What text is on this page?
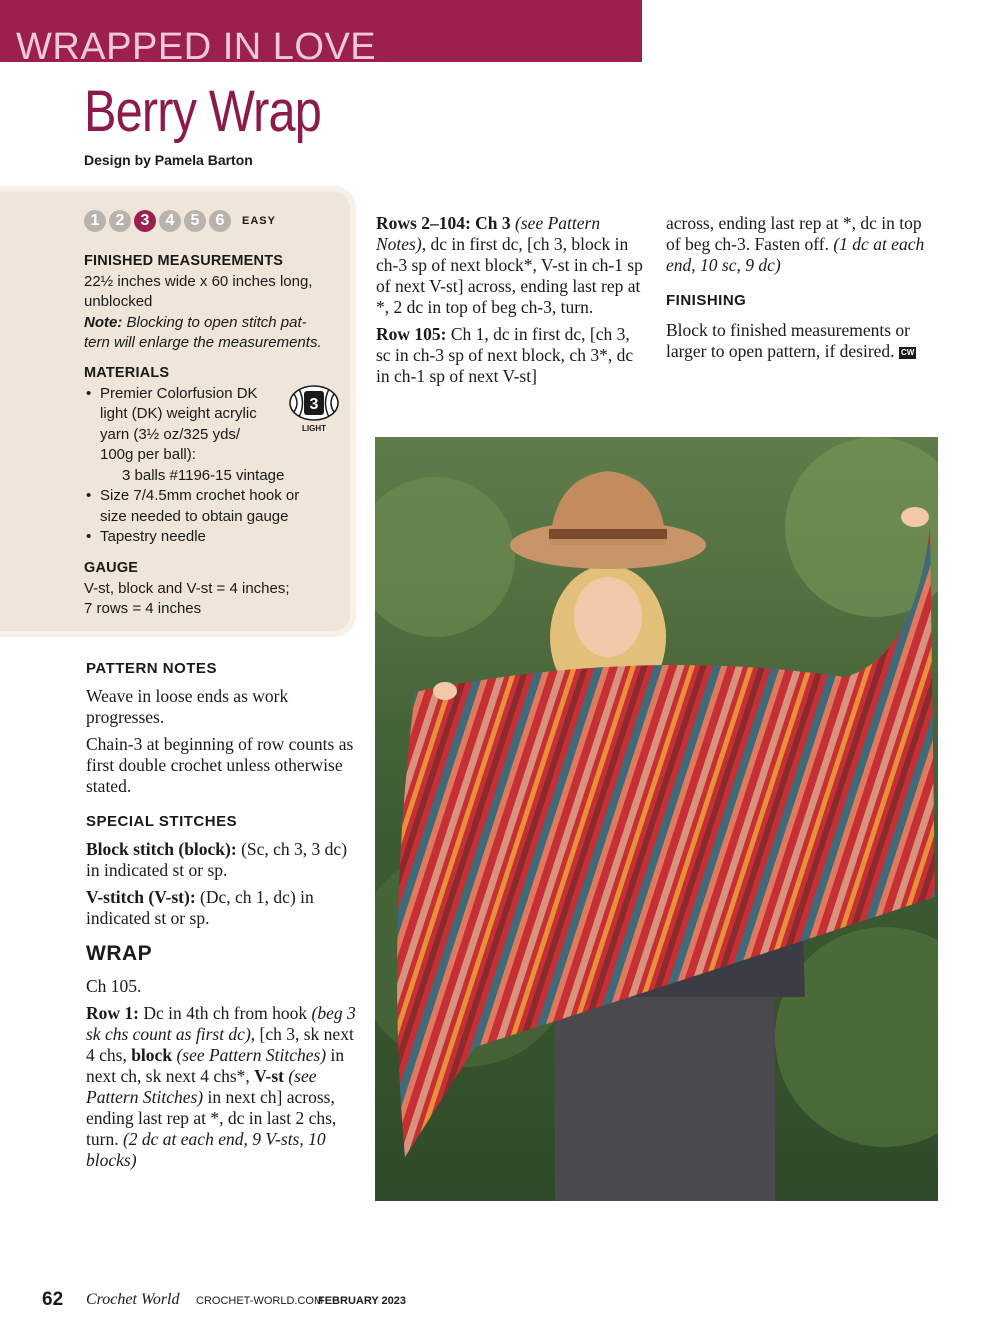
WRAPPED IN LOVE
Berry Wrap
Design by Pamela Barton
1	2	3	4	5	6	EASY
FINISHED MEASUREMENTS
22½ inches wide x 60 inches long,
unblocked
Note: Blocking to open stitch pat-
tern will enlarge the measurements.
MATERIALS
• Premier Colorfusion DK
light (DK) weight acrylic
yarn (3½ oz/325 yds/
100g per ball):
3 balls #1196-15 vintage
• Size 7/4.5mm crochet hook or
size needed to obtain gauge
• Tapestry needle
3
LIGHT
GAUGE
V-st, block and V-st = 4 inches;
7 rows = 4 inches
PATTERN NOTES

Weave in loose ends as work progresses.

Chain-3 at beginning of row counts as first double crochet unless otherwise stated.

SPECIAL STITCHES

Block stitch (block): (Sc, ch 3, 3 dc) in indicated st or sp.

V-stitch (V-st): (Dc, ch 1, dc) in indicated st or sp.

WRAP

Ch 105.

Row 1: Dc in 4th ch from hook (beg 3 sk chs count as first dc), [ch 3, sk next 4 chs, block (see Pattern Stitches) in next ch, sk next 4 chs*, V-st (see Pattern Stitches) in next ch] across, ending last rep at *, dc in last 2 chs, turn. (2 dc at each end, 9 V-sts, 10 blocks)

Rows 2–104: Ch 3 (see Pattern Notes), dc in first dc, [ch 3, block in ch-3 sp of next block*, V-st in ch-1 sp of next V-st] across, ending last rep at *, 2 dc in top of beg ch-3, turn.

Row 105: Ch 1, dc in first dc, [ch 3, sc in ch-3 sp of next block, ch 3*, dc in ch-1 sp of next V-st]

across, ending last rep at *, dc in top of beg ch-3. Fasten off. (1 dc at each end, 10 sc, 9 dc)

FINISHING

Block to finished measurements or larger to open pattern, if desired. CW

62 Crochet World CROCHET-WORLD.COM
FEBRUARY 2023
